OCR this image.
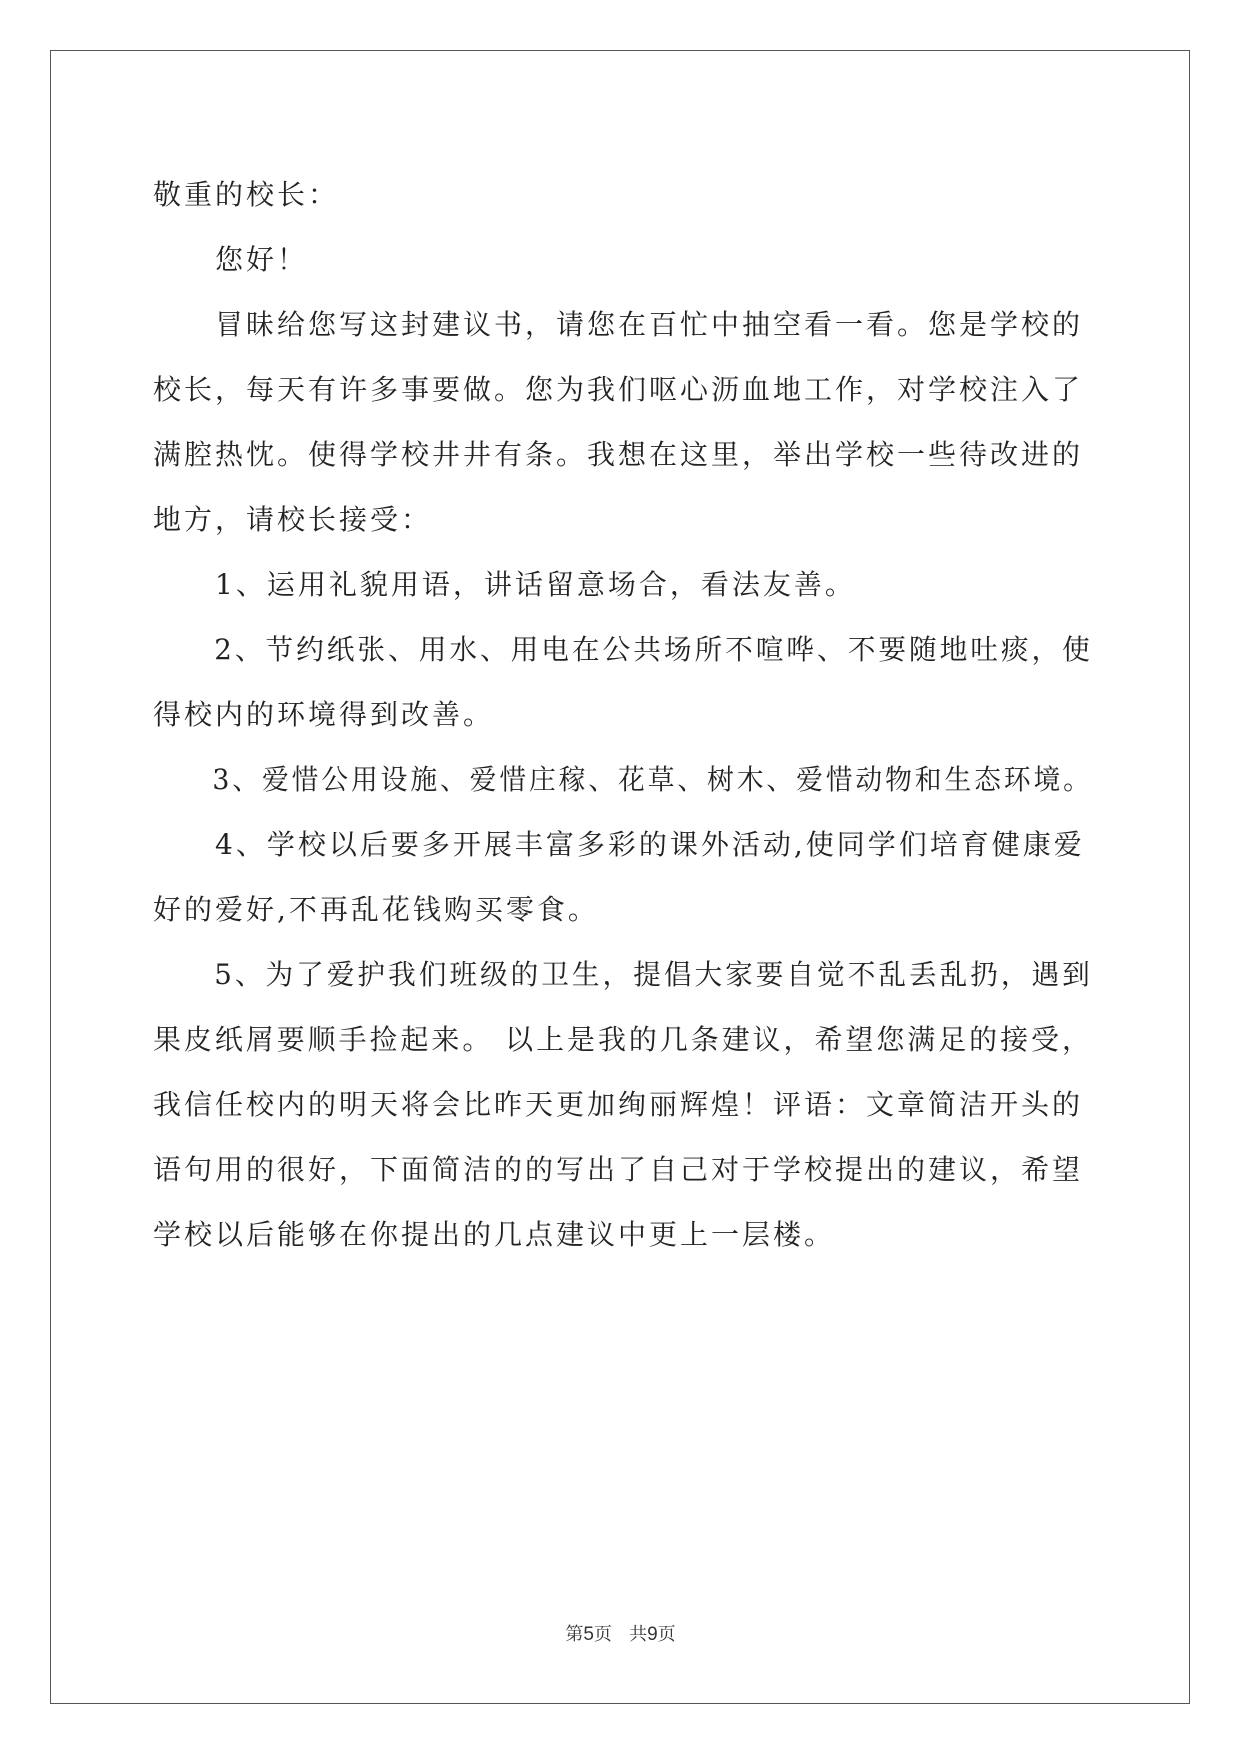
敬重的校长：
　　您好！
　　冒昧给您写这封建议书，请您在百忙中抽空看一看。您是学校的
校长，每天有许多事要做。您为我们呕心沥血地工作，对学校注入了
满腔热忱。使得学校井井有条。我想在这里，举出学校一些待改进的
地方，请校长接受：
　　1、运用礼貌用语，讲话留意场合，看法友善。
　　2、节约纸张、用水、用电在公共场所不喧哗、不要随地吐痰，使
得校内的环境得到改善。
　　3、爱惜公用设施、爱惜庄稼、花草、树木、爱惜动物和生态环境。
　　4、学校以后要多开展丰富多彩的课外活动,使同学们培育健康爱
好的爱好,不再乱花钱购买零食。
　　5、为了爱护我们班级的卫生，提倡大家要自觉不乱丢乱扔，遇到
果皮纸屑要顺手捡起来。 以上是我的几条建议，希望您满足的接受，
我信任校内的明天将会比昨天更加绚丽辉煌！评语：文章简洁开头的
语句用的很好，下面简洁的的写出了自己对于学校提出的建议，希望
学校以后能够在你提出的几点建议中更上一层楼。
第5页 共9页
